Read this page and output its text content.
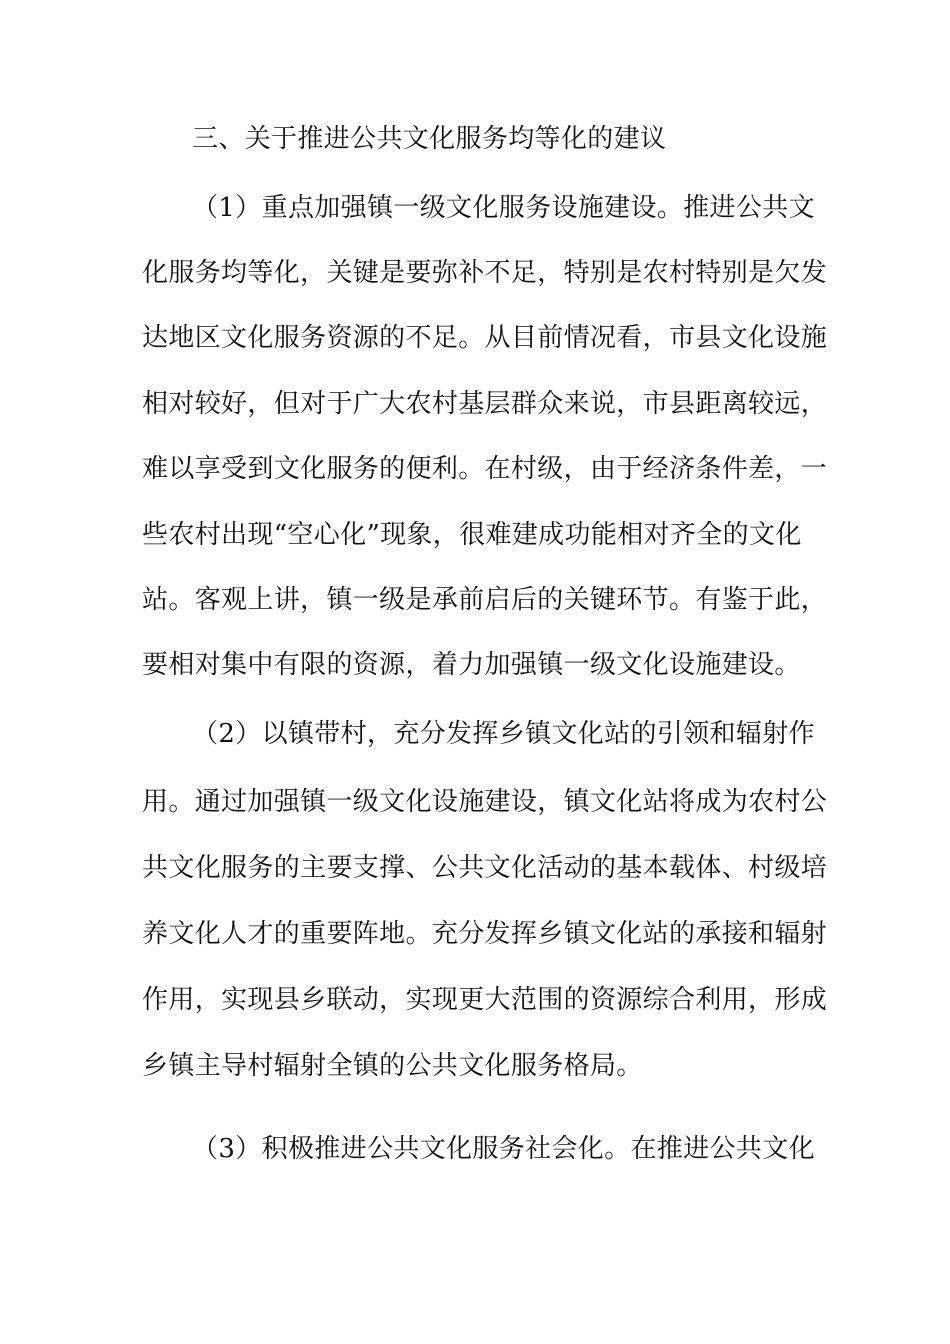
三、关于推进公共文化服务均等化的建议
（1）重点加强镇一级文化服务设施建设。推进公共文
化服务均等化，关键是要弥补不足，特别是农村特别是欠发
达地区文化服务资源的不足。从目前情况看，市县文化设施
相对较好，但对于广大农村基层群众来说，市县距离较远，
难以享受到文化服务的便利。在村级，由于经济条件差，一
些农村出现“空心化”现象，很难建成功能相对齐全的文化
站。客观上讲，镇一级是承前启后的关键环节。有鉴于此，
要相对集中有限的资源，着力加强镇一级文化设施建设。
（2）以镇带村，充分发挥乡镇文化站的引领和辐射作
用。通过加强镇一级文化设施建设，镇文化站将成为农村公
共文化服务的主要支撑、公共文化活动的基本载体、村级培
养文化人才的重要阵地。充分发挥乡镇文化站的承接和辐射
作用，实现县乡联动，实现更大范围的资源综合利用，形成
乡镇主导村辐射全镇的公共文化服务格局。
（3）积极推进公共文化服务社会化。在推进公共文化
